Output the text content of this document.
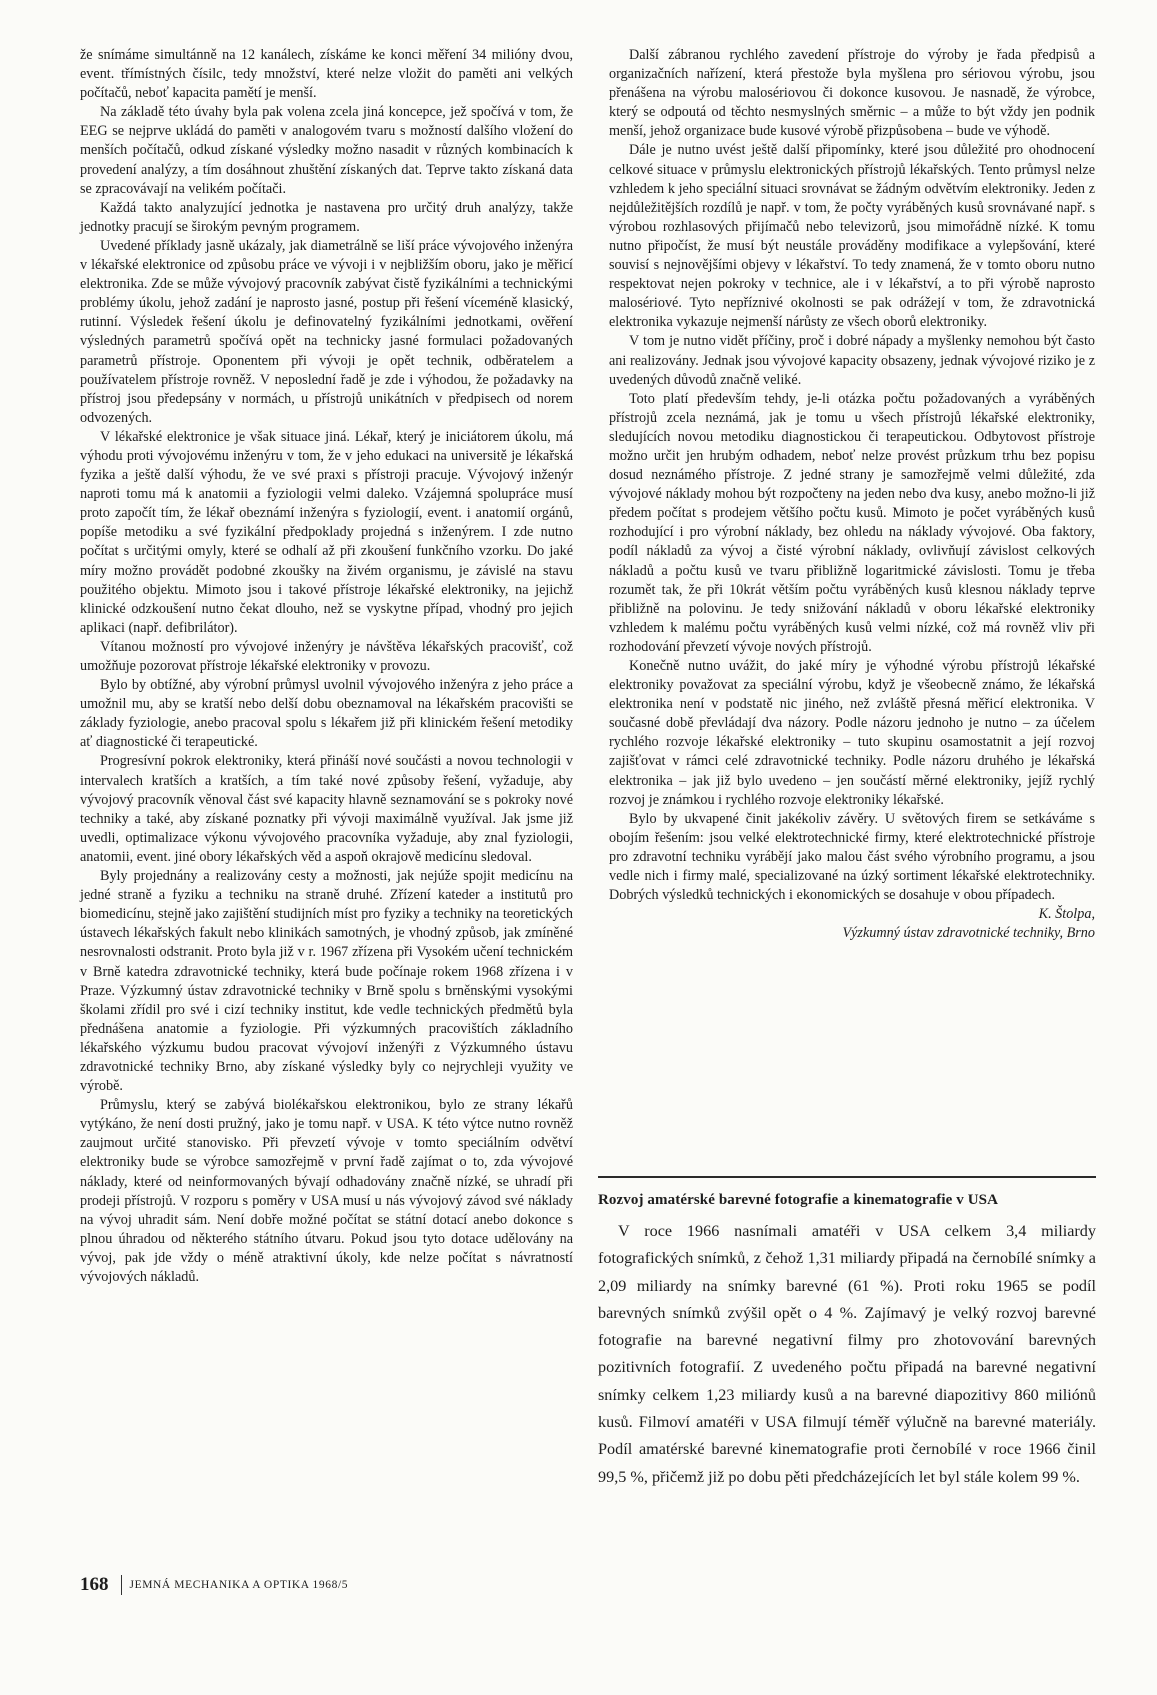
že snímáme simultánně na 12 kanálech, získáme ke konci měření 34 milióny dvou, event. třímístných čísilc, tedy množství, které nelze vložit do paměti ani velkých počítačů, neboť kapacita pamětí je menší.

Na základě této úvahy byla pak volena zcela jiná koncepce, jež spočívá v tom, že EEG se nejprve ukládá do paměti v analogovém tvaru s možností dalšího vložení do menších počítačů, odkud získané výsledky možno nasadit v různých kombinacích k provedení analýzy, a tím dosáhnout zhuštění získaných dat. Teprve takto získaná data se zpracovávají na velikém počítači.

Každá takto analyzující jednotka je nastavena pro určitý druh analýzy, takže jednotky pracují se širokým pevným programem.

Uvedené příklady jasně ukázaly, jak diametrálně se liší práce vývojového inženýra v lékařské elektronice od způsobu práce ve vývoji i v nejbližším oboru, jako je měřicí elektronika. Zde se může vývojový pracovník zabývat čistě fyzikálními a technickými problémy úkolu, jehož zadání je naprosto jasné, postup při řešení víceméně klasický, rutinní. Výsledek řešení úkolu je definovatelný fyzikálními jednotkami, ověření výsledných parametrů spočívá opět na technicky jasné formulaci požadovaných parametrů přístroje. Oponentem při vývoji je opět technik, odběratelem a používatelem přístroje rovněž. V neposlední řadě je zde i výhodou, že požadavky na přístroj jsou předepsány v normách, u přístrojů unikátních v předpisech od norem odvozených.

V lékařské elektronice je však situace jiná. Lékař, který je iniciátorem úkolu, má výhodu proti vývojovému inženýru v tom, že v jeho edukaci na universitě je lékařská fyzika a ještě další výhodu, že ve své praxi s přístroji pracuje. Vývojový inženýr naproti tomu má k anatomii a fyziologii velmi daleko. Vzájemná spolupráce musí proto započít tím, že lékař obeznámí inženýra s fyziologií, event. i anatomií orgánů, popíše metodiku a své fyzikální předpoklady projedná s inženýrem. I zde nutno počítat s určitými omyly, které se odhalí až při zkoušení funkčního vzorku. Do jaké míry možno provádět podobné zkoušky na živém organismu, je závislé na stavu použitého objektu. Mimoto jsou i takové přístroje lékařské elektroniky, na jejichž klinické odzkoušení nutno čekat dlouho, než se vyskytne případ, vhodný pro jejich aplikaci (např. defibrilátor).

Vítanou možností pro vývojové inženýry je návštěva lékařských pracovišť, což umožňuje pozorovat přístroje lékařské elektroniky v provozu.

Bylo by obtížné, aby výrobní průmysl uvolnil vývojového inženýra z jeho práce a umožnil mu, aby se kratší nebo delší dobu obeznamoval na lékařském pracovišti se základy fyziologie, anebo pracoval spolu s lékařem již při klinickém řešení metodiky ať diagnostické či terapeutické.

Progresívní pokrok elektroniky, která přináší nové součásti a novou technologii v intervalech kratších a kratších, a tím také nové způsoby řešení, vyžaduje, aby vývojový pracovník věnoval část své kapacity hlavně seznamování se s pokroky nové techniky a také, aby získané poznatky při vývoji maximálně využíval. Jak jsme již uvedli, optimalizace výkonu vývojového pracovníka vyžaduje, aby znal fyziologii, anatomii, event. jiné obory lékařských věd a aspoň okrajově medicínu sledoval.

Byly projednány a realizovány cesty a možnosti, jak nejúže spojit medicínu na jedné straně a fyziku a techniku na straně druhé. Zřízení kateder a institutů pro biomedicínu, stejně jako zajištění studijních míst pro fyziky a techniky na teoretických ústavech lékařských fakult nebo klinikách samotných, je vhodný způsob, jak zmíněné nesrovnalosti odstranit. Proto byla již v r. 1967 zřízena při Vysokém učení technickém v Brně katedra zdravotnické techniky, která bude počínaje rokem 1968 zřízena i v Praze. Výzkumný ústav zdravotnické techniky v Brně spolu s brněnskými vysokými školami zřídil pro své i cizí techniky institut, kde vedle technických předmětů byla přednášena anatomie a fyziologie. Při výzkumných pracovištích základního lékařského výzkumu budou pracovat vývojoví inženýři z Výzkumného ústavu zdravotnické techniky Brno, aby získané výsledky byly co nejrychleji využity ve výrobě.

Průmyslu, který se zabývá biolékařskou elektronikou, bylo ze strany lékařů vytýkáno, že není dosti pružný, jako je tomu např. v USA. K této výtce nutno rovněž zaujmout určité stanovisko. Při převzetí vývoje v tomto speciálním odvětví elektroniky bude se výrobce samozřejmě v první řadě zajímat o to, zda vývojové náklady, které od neinformovaných bývají odhadovány značně nízké, se uhradí při prodeji přístrojů. V rozporu s poměry v USA musí u nás vývojový závod své náklady na vývoj uhradit sám. Není dobře možné počítat se státní dotací anebo dokonce s plnou úhradou od některého státního útvaru. Pokud jsou tyto dotace udělovány na vývoj, pak jde vždy o méně atraktivní úkoly, kde nelze počítat s návratností vývojových nákladů.

Další zábranou rychlého zavedení přístroje do výroby je řada předpisů a organizačních nařízení, která přestože byla myšlena pro sériovou výrobu, jsou přenášena na výrobu malosériovou či dokonce kusovou. Je nasnadě, že výrobce, který se odpoutá od těchto nesmyslných směrnic – a může to být vždy jen podnik menší, jehož organizace bude kusové výrobě přizpůsobena – bude ve výhodě.

Dále je nutno uvést ještě další připomínky, které jsou důležité pro ohodnocení celkové situace v průmyslu elektronických přístrojů lékařských. Tento průmysl nelze vzhledem k jeho speciální situaci srovnávat se žádným odvětvím elektroniky. Jeden z nejdůležitějších rozdílů je např. v tom, že počty vyráběných kusů srovnávané např. s výrobou rozhlasových přijímačů nebo televizorů, jsou mimořádně nízké. K tomu nutno připočíst, že musí být neustále prováděny modifikace a vylepšování, které souvisí s nejnovějšími objevy v lékařství. To tedy znamená, že v tomto oboru nutno respektovat nejen pokroky v technice, ale i v lékařství, a to při výrobě naprosto malosériové. Tyto nepříznivé okolnosti se pak odrážejí v tom, že zdravotnická elektronika vykazuje nejmenší nárůsty ze všech oborů elektroniky.

V tom je nutno vidět příčiny, proč i dobré nápady a myšlenky nemohou být často ani realizovány. Jednak jsou vývojové kapacity obsazeny, jednak vývojové riziko je z uvedených důvodů značně veliké.

Toto platí především tehdy, je-li otázka počtu požadovaných a vyráběných přístrojů zcela neznámá, jak je tomu u všech přístrojů lékařské elektroniky, sledujících novou metodiku diagnostickou či terapeutickou. Odbytovost přístroje možno určit jen hrubým odhadem, neboť nelze provést průzkum trhu bez popisu dosud neznámého přístroje. Z jedné strany je samozřejmě velmi důležité, zda vývojové náklady mohou být rozpočteny na jeden nebo dva kusy, anebo možno-li již předem počítat s prodejem většího počtu kusů. Mimoto je počet vyráběných kusů rozhodující i pro výrobní náklady, bez ohledu na náklady vývojové. Oba faktory, podíl nákladů za vývoj a čisté výrobní náklady, ovlivňují závislost celkových nákladů a počtu kusů ve tvaru přibližně logaritmické závislosti. Tomu je třeba rozumět tak, že při 10krát větším počtu vyráběných kusů klesnou náklady teprve přibližně na polovinu. Je tedy snižování nákladů v oboru lékařské elektroniky vzhledem k malému počtu vyráběných kusů velmi nízké, což má rovněž vliv při rozhodování převzetí vývoje nových přístrojů.

Konečně nutno uvážit, do jaké míry je výhodné výrobu přístrojů lékařské elektroniky považovat za speciální výrobu, když je všeobecně známo, že lékařská elektronika není v podstatě nic jiného, než zvláště přesná měřicí elektronika. V současné době převládají dva názory. Podle názoru jednoho je nutno – za účelem rychlého rozvoje lékařské elektroniky – tuto skupinu osamostatnit a její rozvoj zajišťovat v rámci celé zdravotnické techniky. Podle názoru druhého je lékařská elektronika – jak již bylo uvedeno – jen součástí měrné elektroniky, jejíž rychlý rozvoj je známkou i rychlého rozvoje elektroniky lékařské.

Bylo by ukvapené činit jakékoliv závěry. U světových firem se setkáváme s obojím řešením: jsou velké elektrotechnické firmy, které elektrotechnické přístroje pro zdravotní techniku vyrábějí jako malou část svého výrobního programu, a jsou vedle nich i firmy malé, specializované na úzký sortiment lékařské elektrotechniky. Dobrých výsledků technických i ekonomických se dosahuje v obou případech.

K. Štolpa,

Výzkumný ústav zdravotnické techniky, Brno

Rozvoj amatérské barevné fotografie a kinematografie v USA

V roce 1966 nasnímali amatéři v USA celkem 3,4 miliardy fotografických snímků, z čehož 1,31 miliardy připadá na černobílé snímky a 2,09 miliardy na snímky barevné (61 %). Proti roku 1965 se podíl barevných snímků zvýšil opět o 4 %. Zajímavý je velký rozvoj barevné fotografie na barevné negativní filmy pro zhotovování barevných pozitivních fotografií. Z uvedeného počtu připadá na barevné negativní snímky celkem 1,23 miliardy kusů a na barevné diapozitivy 860 miliónů kusů. Filmoví amatéři v USA filmují téměř výlučně na barevné materiály. Podíl amatérské barevné kinematografie proti černobílé v roce 1966 činil 99,5 %, přičemž již po dobu pěti předcházejících let byl stále kolem 99 %.

168 JEMNÁ MECHANIKA A OPTIKA 1968/5
